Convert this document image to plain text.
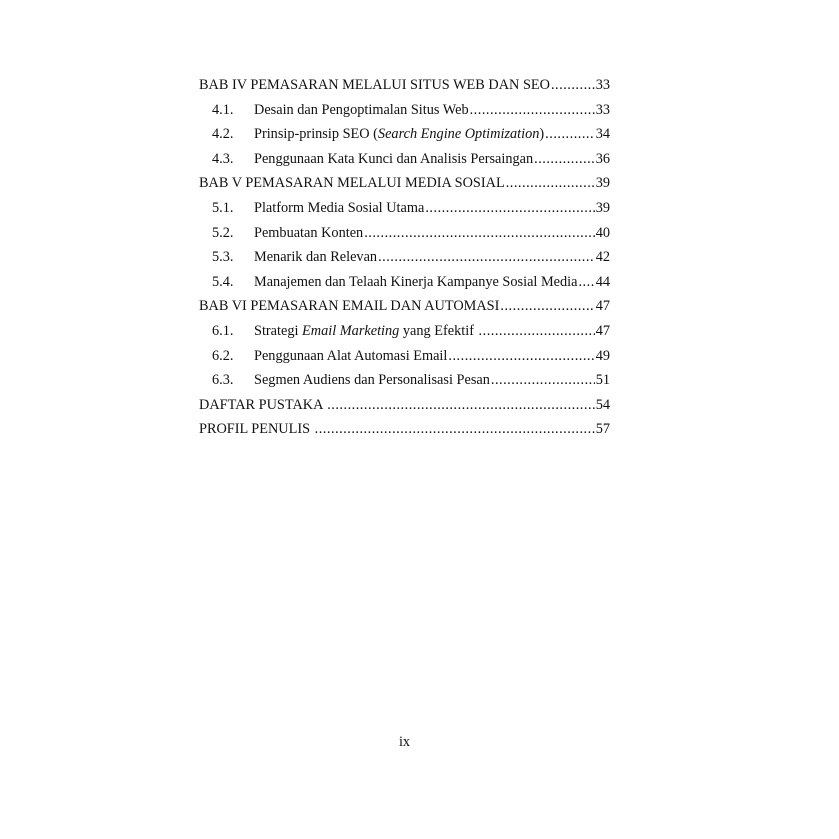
BAB IV PEMASARAN MELALUI SITUS WEB DAN SEO .....	33
4.1.	Desain dan Pengoptimalan Situs Web .....	33
4.2.	Prinsip-prinsip SEO (Search Engine Optimization) .....	34
4.3.	Penggunaan Kata Kunci dan Analisis Persaingan .....	36
BAB V PEMASARAN MELALUI MEDIA SOSIAL .....	39
5.1.	Platform Media Sosial Utama .....	39
5.2.	Pembuatan Konten .....	40
5.3.	Menarik dan Relevan .....	42
5.4.	Manajemen dan Telaah Kinerja Kampanye Sosial Media ..... 44
BAB VI PEMASARAN EMAIL DAN AUTOMASI .....	47
6.1.	Strategi Email Marketing yang Efektif .....	47
6.2.	Penggunaan Alat Automasi Email .....	49
6.3.	Segmen Audiens dan Personalisasi Pesan .....	51
DAFTAR PUSTAKA .....	54
PROFIL PENULIS .....	57
ix
